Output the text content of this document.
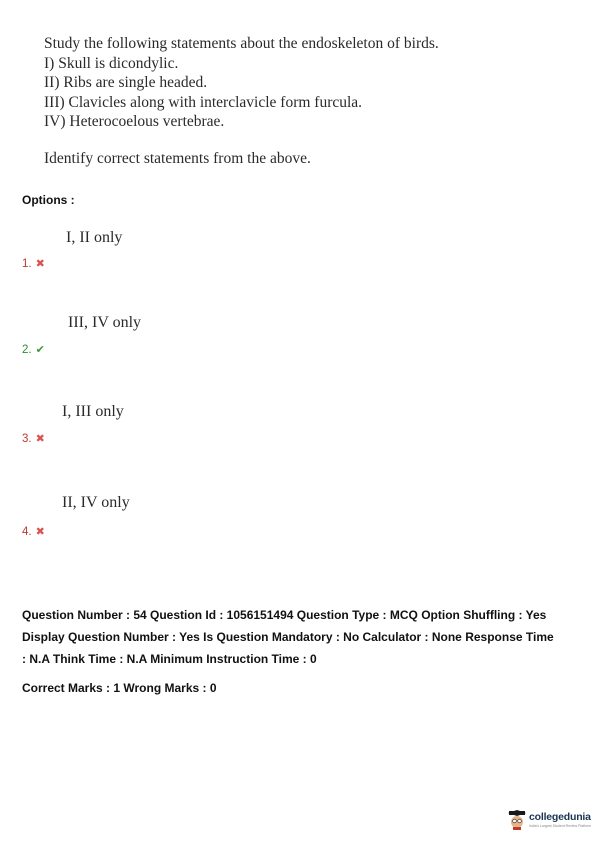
Study the following statements about the endoskeleton of birds.
I) Skull is dicondylic.
II) Ribs are single headed.
III) Clavicles along with interclavicle form furcula.
IV) Heterocoelous vertebrae.
Identify correct statements from the above.
Options :
I, II only
1. ✖
III, IV only
2. ✔
I, III only
3. ✖
II, IV only
4. ✖
Question Number : 54 Question Id : 1056151494 Question Type : MCQ Option Shuffling : Yes
Display Question Number : Yes Is Question Mandatory : No Calculator : None Response Time
: N.A Think Time : N.A Minimum Instruction Time : 0
Correct Marks : 1 Wrong Marks : 0
collegedunia
India's Largest Student Review Platform
